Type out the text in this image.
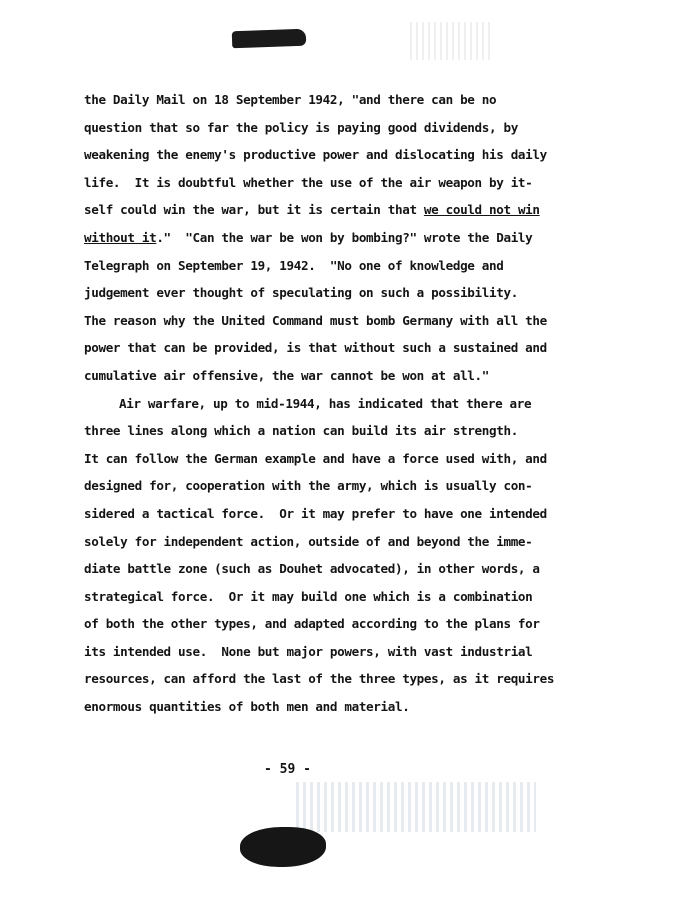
the Daily Mail on 18 September 1942, "and there can be no
question that so far the policy is paying good dividends, by
weakening the enemy's productive power and dislocating his daily
life.  It is doubtful whether the use of the air weapon by it-
self could win the war, but it is certain that we could not win
without it."  "Can the war be won by bombing?" wrote the Daily
Telegraph on September 19, 1942.  "No one of knowledge and
judgement ever thought of speculating on such a possibility.
The reason why the United Command must bomb Germany with all the
power that can be provided, is that without such a sustained and
cumulative air offensive, the war cannot be won at all."
Air warfare, up to mid-1944, has indicated that there are
three lines along which a nation can build its air strength.
It can follow the German example and have a force used with, and
designed for, cooperation with the army, which is usually con-
sidered a tactical force.  Or it may prefer to have one intended
solely for independent action, outside of and beyond the imme-
diate battle zone (such as Douhet advocated), in other words, a
strategical force.  Or it may build one which is a combination
of both the other types, and adapted according to the plans for
its intended use.  None but major powers, with vast industrial
resources, can afford the last of the three types, as it requires
enormous quantities of both men and material.
- 59 -
